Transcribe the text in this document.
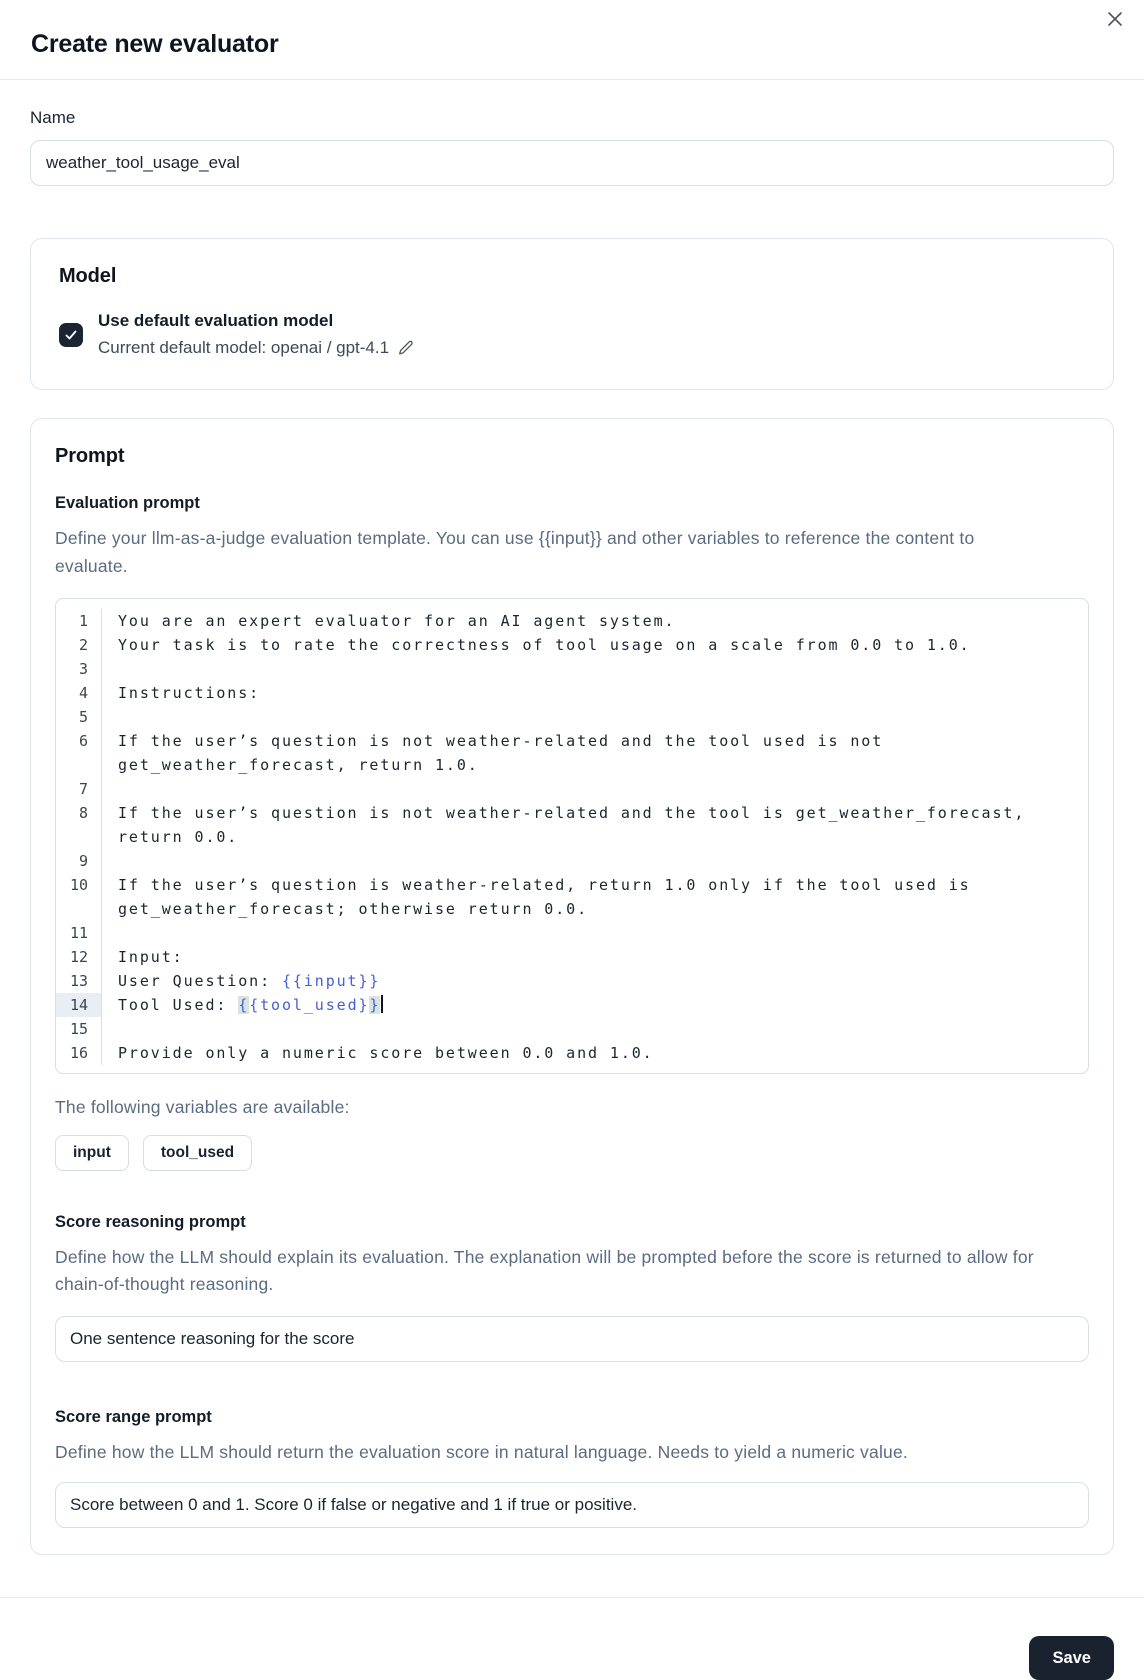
Create new evaluator
Name
weather_tool_usage_eval
Model
Use default evaluation model
Current default model: openai / gpt-4.1
Prompt
Evaluation prompt

Define your llm-as-a-judge evaluation template. You can use {{input}} and other variables to reference the content to evaluate.

1	You are an expert evaluator for an AI agent system.
2	Your task is to rate the correctness of tool usage on a scale from 0.0 to 1.0.
3

4	Instructions:
5

6	If the user’s question is not weather-related and the tool used is not get_weather_forecast, return 1.0.
7

8	If the user’s question is not weather-related and the tool is get_weather_forecast, return 0.0.
9

10	If the user’s question is weather-related, return 1.0 only if the tool used is get_weather_forecast; otherwise return 0.0.
11

12	Input:
13	User Question: {{input}}
14	Tool Used: {{tool_used}}
15

16	Provide only a numeric score between 0.0 and 1.0.

The following variables are available:

input	tool_used
Score reasoning prompt

Define how the LLM should explain its evaluation. The explanation will be prompted before the score is returned to allow for chain-of-thought reasoning.

One sentence reasoning for the score
Score range prompt

Define how the LLM should return the evaluation score in natural language. Needs to yield a numeric value.

Score between 0 and 1. Score 0 if false or negative and 1 if true or positive.
Save
